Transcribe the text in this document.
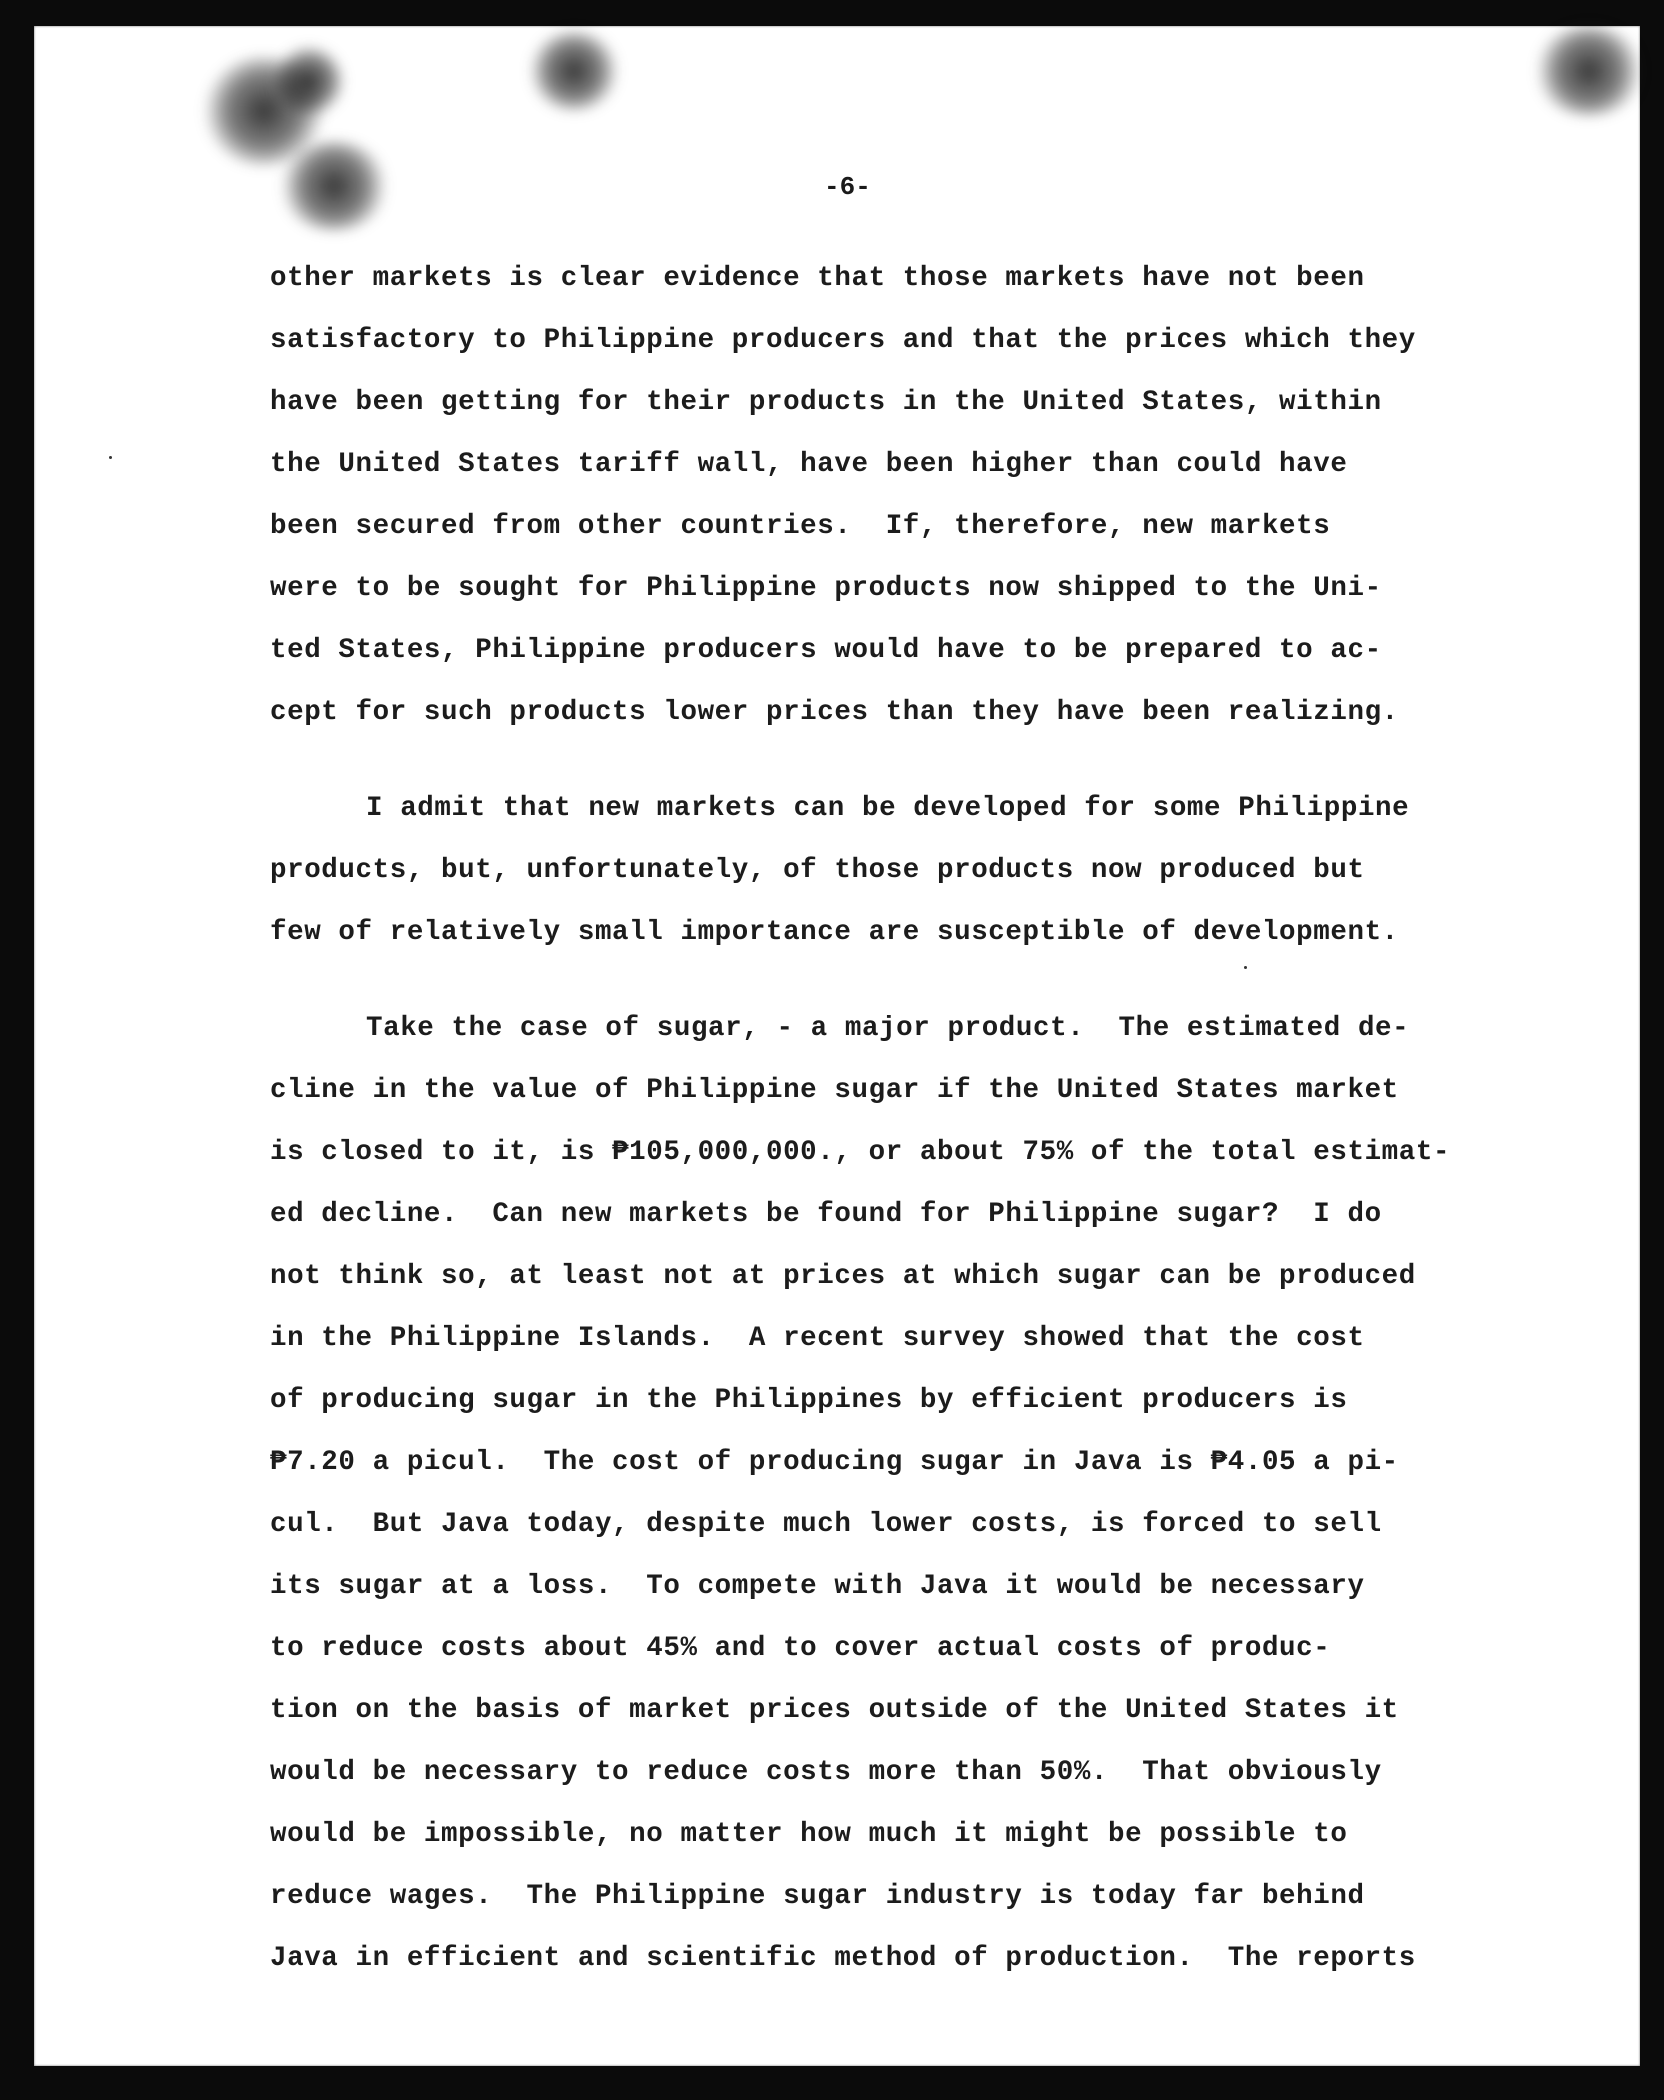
-6-
other markets is clear evidence that those markets have not been
satisfactory to Philippine producers and that the prices which they
have been getting for their products in the United States, within
the United States tariff wall, have been higher than could have
been secured from other countries.  If, therefore, new markets
were to be sought for Philippine products now shipped to the Uni-
ted States, Philippine producers would have to be prepared to ac-
cept for such products lower prices than they have been realizing.
I admit that new markets can be developed for some Philippine
products, but, unfortunately, of those products now produced but
few of relatively small importance are susceptible of development.
Take the case of sugar, - a major product.  The estimated de-
cline in the value of Philippine sugar if the United States market
is closed to it, is ₱105,000,000., or about 75% of the total estimat-
ed decline.  Can new markets be found for Philippine sugar?  I do
not think so, at least not at prices at which sugar can be produced
in the Philippine Islands.  A recent survey showed that the cost
of producing sugar in the Philippines by efficient producers is
₱7.20 a picul.  The cost of producing sugar in Java is ₱4.05 a pi-
cul.  But Java today, despite much lower costs, is forced to sell
its sugar at a loss.  To compete with Java it would be necessary
to reduce costs about 45% and to cover actual costs of produc-
tion on the basis of market prices outside of the United States it
would be necessary to reduce costs more than 50%.  That obviously
would be impossible, no matter how much it might be possible to
reduce wages.  The Philippine sugar industry is today far behind
Java in efficient and scientific method of production.  The reports
